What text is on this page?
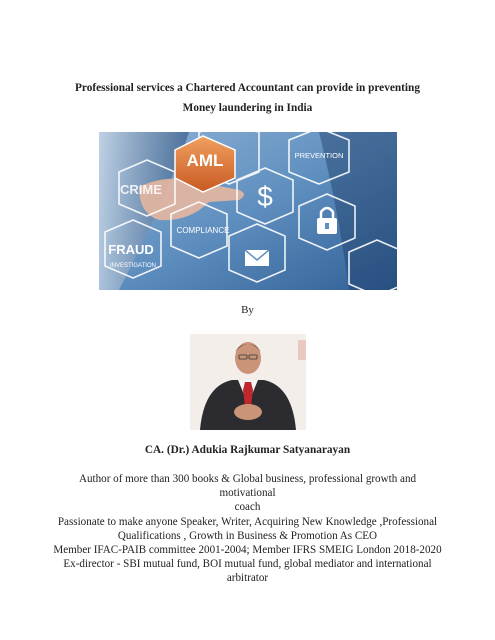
Professional services a Chartered Accountant can provide in preventing
Money laundering in India
AML	PREVENTION
CRIME
COMPLIANCE
FRAUD
INVESTIGATION
$
By
CA. (Dr.) Adukia Rajkumar Satyanarayan
Author of more than 300 books & Global business, professional growth and motivational
coach
Passionate to make anyone Speaker, Writer, Acquiring New Knowledge ,Professional
Qualifications , Growth in Business & Promotion As CEO
Member IFAC-PAIB committee 2001-2004; Member IFRS SMEIG London 2018-2020
Ex-director - SBI mutual fund, BOI mutual fund, global mediator and international
arbitrator
